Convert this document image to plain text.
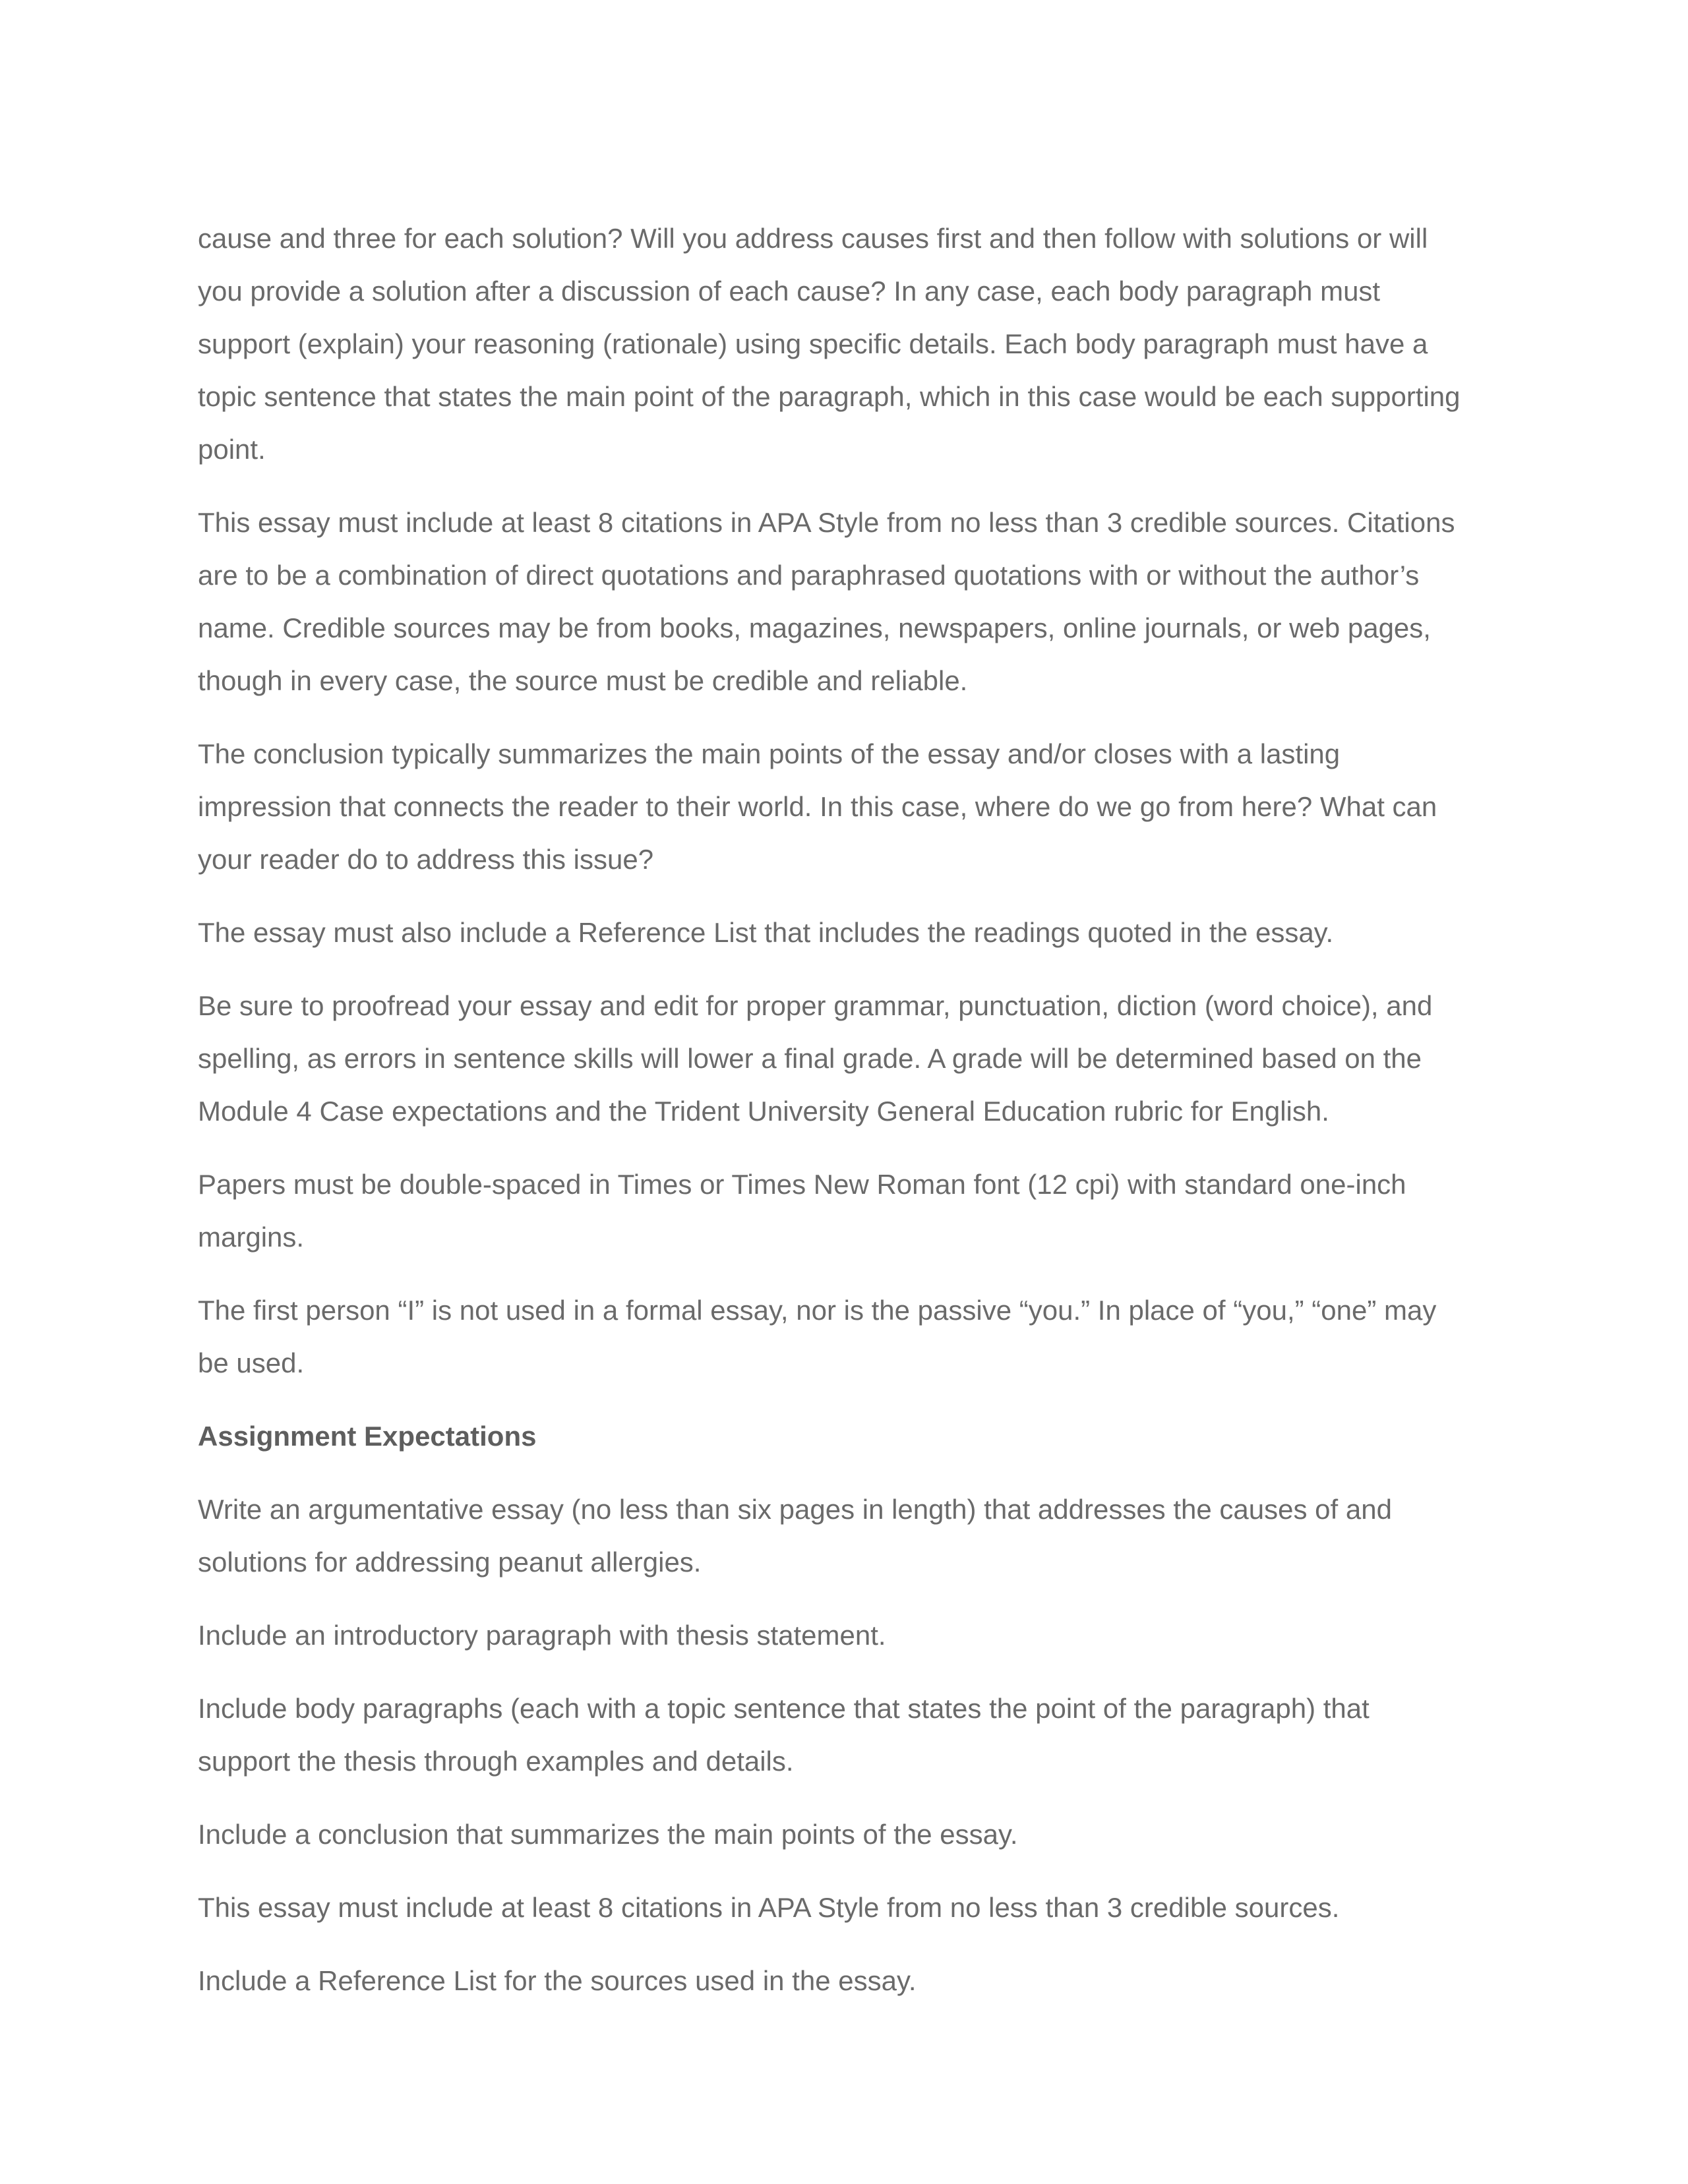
cause and three for each solution? Will you address causes first and then follow with solutions or will you provide a solution after a discussion of each cause? In any case, each body paragraph must support (explain) your reasoning (rationale) using specific details. Each body paragraph must have a topic sentence that states the main point of the paragraph, which in this case would be each supporting point.

This essay must include at least 8 citations in APA Style from no less than 3 credible sources. Citations are to be a combination of direct quotations and paraphrased quotations with or without the author’s name. Credible sources may be from books, magazines, newspapers, online journals, or web pages, though in every case, the source must be credible and reliable.

The conclusion typically summarizes the main points of the essay and/or closes with a lasting impression that connects the reader to their world. In this case, where do we go from here? What can your reader do to address this issue?

The essay must also include a Reference List that includes the readings quoted in the essay.

Be sure to proofread your essay and edit for proper grammar, punctuation, diction (word choice), and spelling, as errors in sentence skills will lower a final grade. A grade will be determined based on the Module 4 Case expectations and the Trident University General Education rubric for English.

Papers must be double-spaced in Times or Times New Roman font (12 cpi) with standard one-inch margins.

The first person “I” is not used in a formal essay, nor is the passive “you.” In place of “you,” “one” may be used.

Assignment Expectations

Write an argumentative essay (no less than six pages in length) that addresses the causes of and solutions for addressing peanut allergies.

Include an introductory paragraph with thesis statement.

Include body paragraphs (each with a topic sentence that states the point of the paragraph) that support the thesis through examples and details.

Include a conclusion that summarizes the main points of the essay.

This essay must include at least 8 citations in APA Style from no less than 3 credible sources.

Include a Reference List for the sources used in the essay.
